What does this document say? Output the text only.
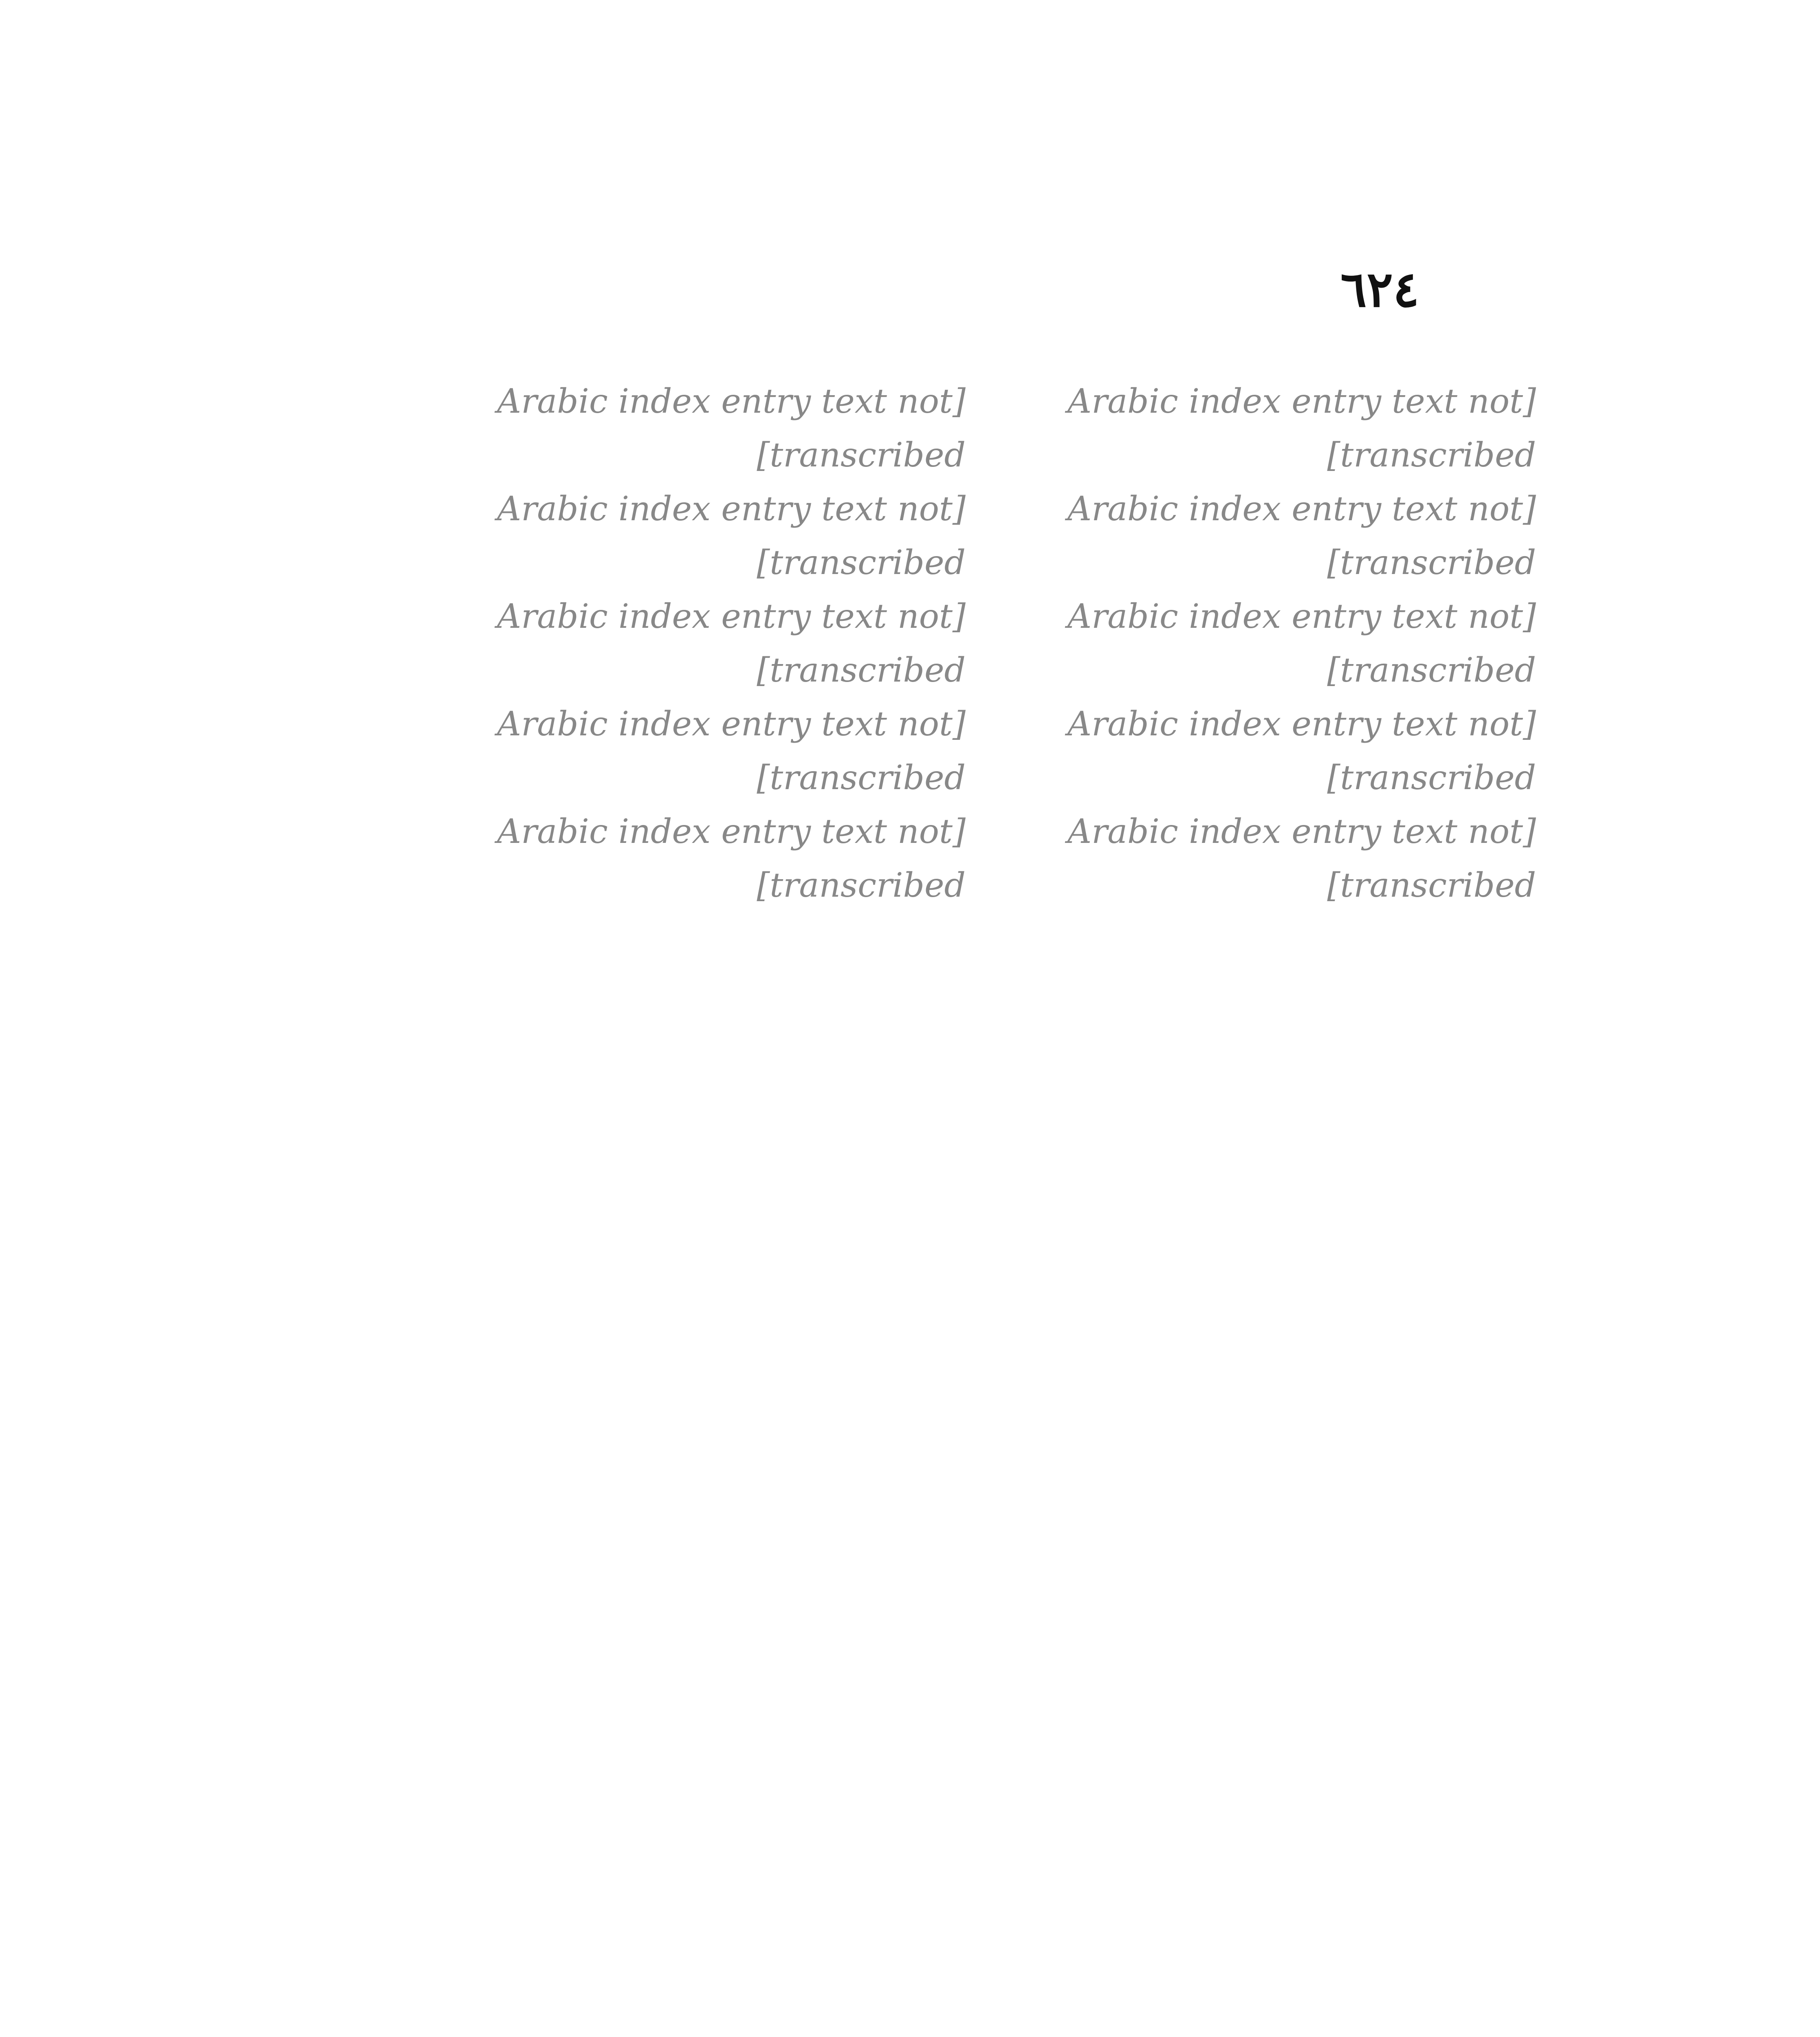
٦٢٤
[Arabic index entry text not transcribed]
[Arabic index entry text not transcribed]
[Arabic index entry text not transcribed]
[Arabic index entry text not transcribed]
[Arabic index entry text not transcribed]
[Arabic index entry text not transcribed]
[Arabic index entry text not transcribed]
[Arabic index entry text not transcribed]
[Arabic index entry text not transcribed]
[Arabic index entry text not transcribed]
